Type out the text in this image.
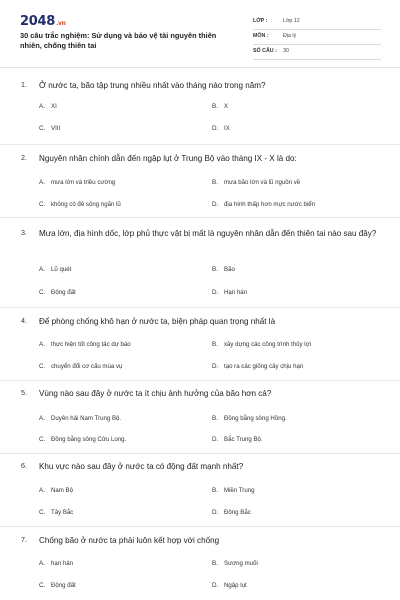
2048.vn
30 câu trắc nghiệm: Sử dụng và bảo vệ tài nguyên thiên nhiên, chống thiên tai
LỚP :	Lớp 12
MÔN :	Địa lý
SỐ CÂU : 30
1. Ở nước ta, bão tập trung nhiều nhất vào tháng nào trong năm?
A. XI	B. X
C. VIII	D. IX
2. Nguyên nhân chính dẫn đến ngập lụt ở Trung Bộ vào tháng IX - X là do:
A. mưa lớn và triều cường	B. mưa bão lớn và lũ nguồn về
C. không có đê sông ngăn lũ	D. địa hình thấp hơn mực nước biển
3. Mưa lớn, địa hình dốc, lớp phủ thực vật bị mất là nguyên nhân dẫn đến thiên tai nào sau đây?
A. Lũ quét	B. Bão
C. Động đất	D. Hạn hán
4. Để phòng chống khô hạn ở nước ta, biện pháp quan trọng nhất là
A. thực hiện tốt công tác dự báo	B. xây dựng các công trình thủy lợi
C. chuyển đổi cơ cấu mùa vụ	D. tạo ra các giống cây chịu hạn
5. Vùng nào sau đây ở nước ta ít chịu ảnh hưởng của bão hơn cả?
A. Duyên hải Nam Trung Bộ.	B. Đồng bằng sông Hồng.
C. Đồng bằng sông Cửu Long.	D. Bắc Trung Bộ.
6. Khu vực nào sau đây ở nước ta có động đất mạnh nhất?
A. Nam Bộ	B. Miền Trung
C. Tây Bắc	D. Đông Bắc
7. Chống bão ở nước ta phải luôn kết hợp với chống
A. hạn hán	B. Sương muối
C. Động đất	D. Ngập lụt
